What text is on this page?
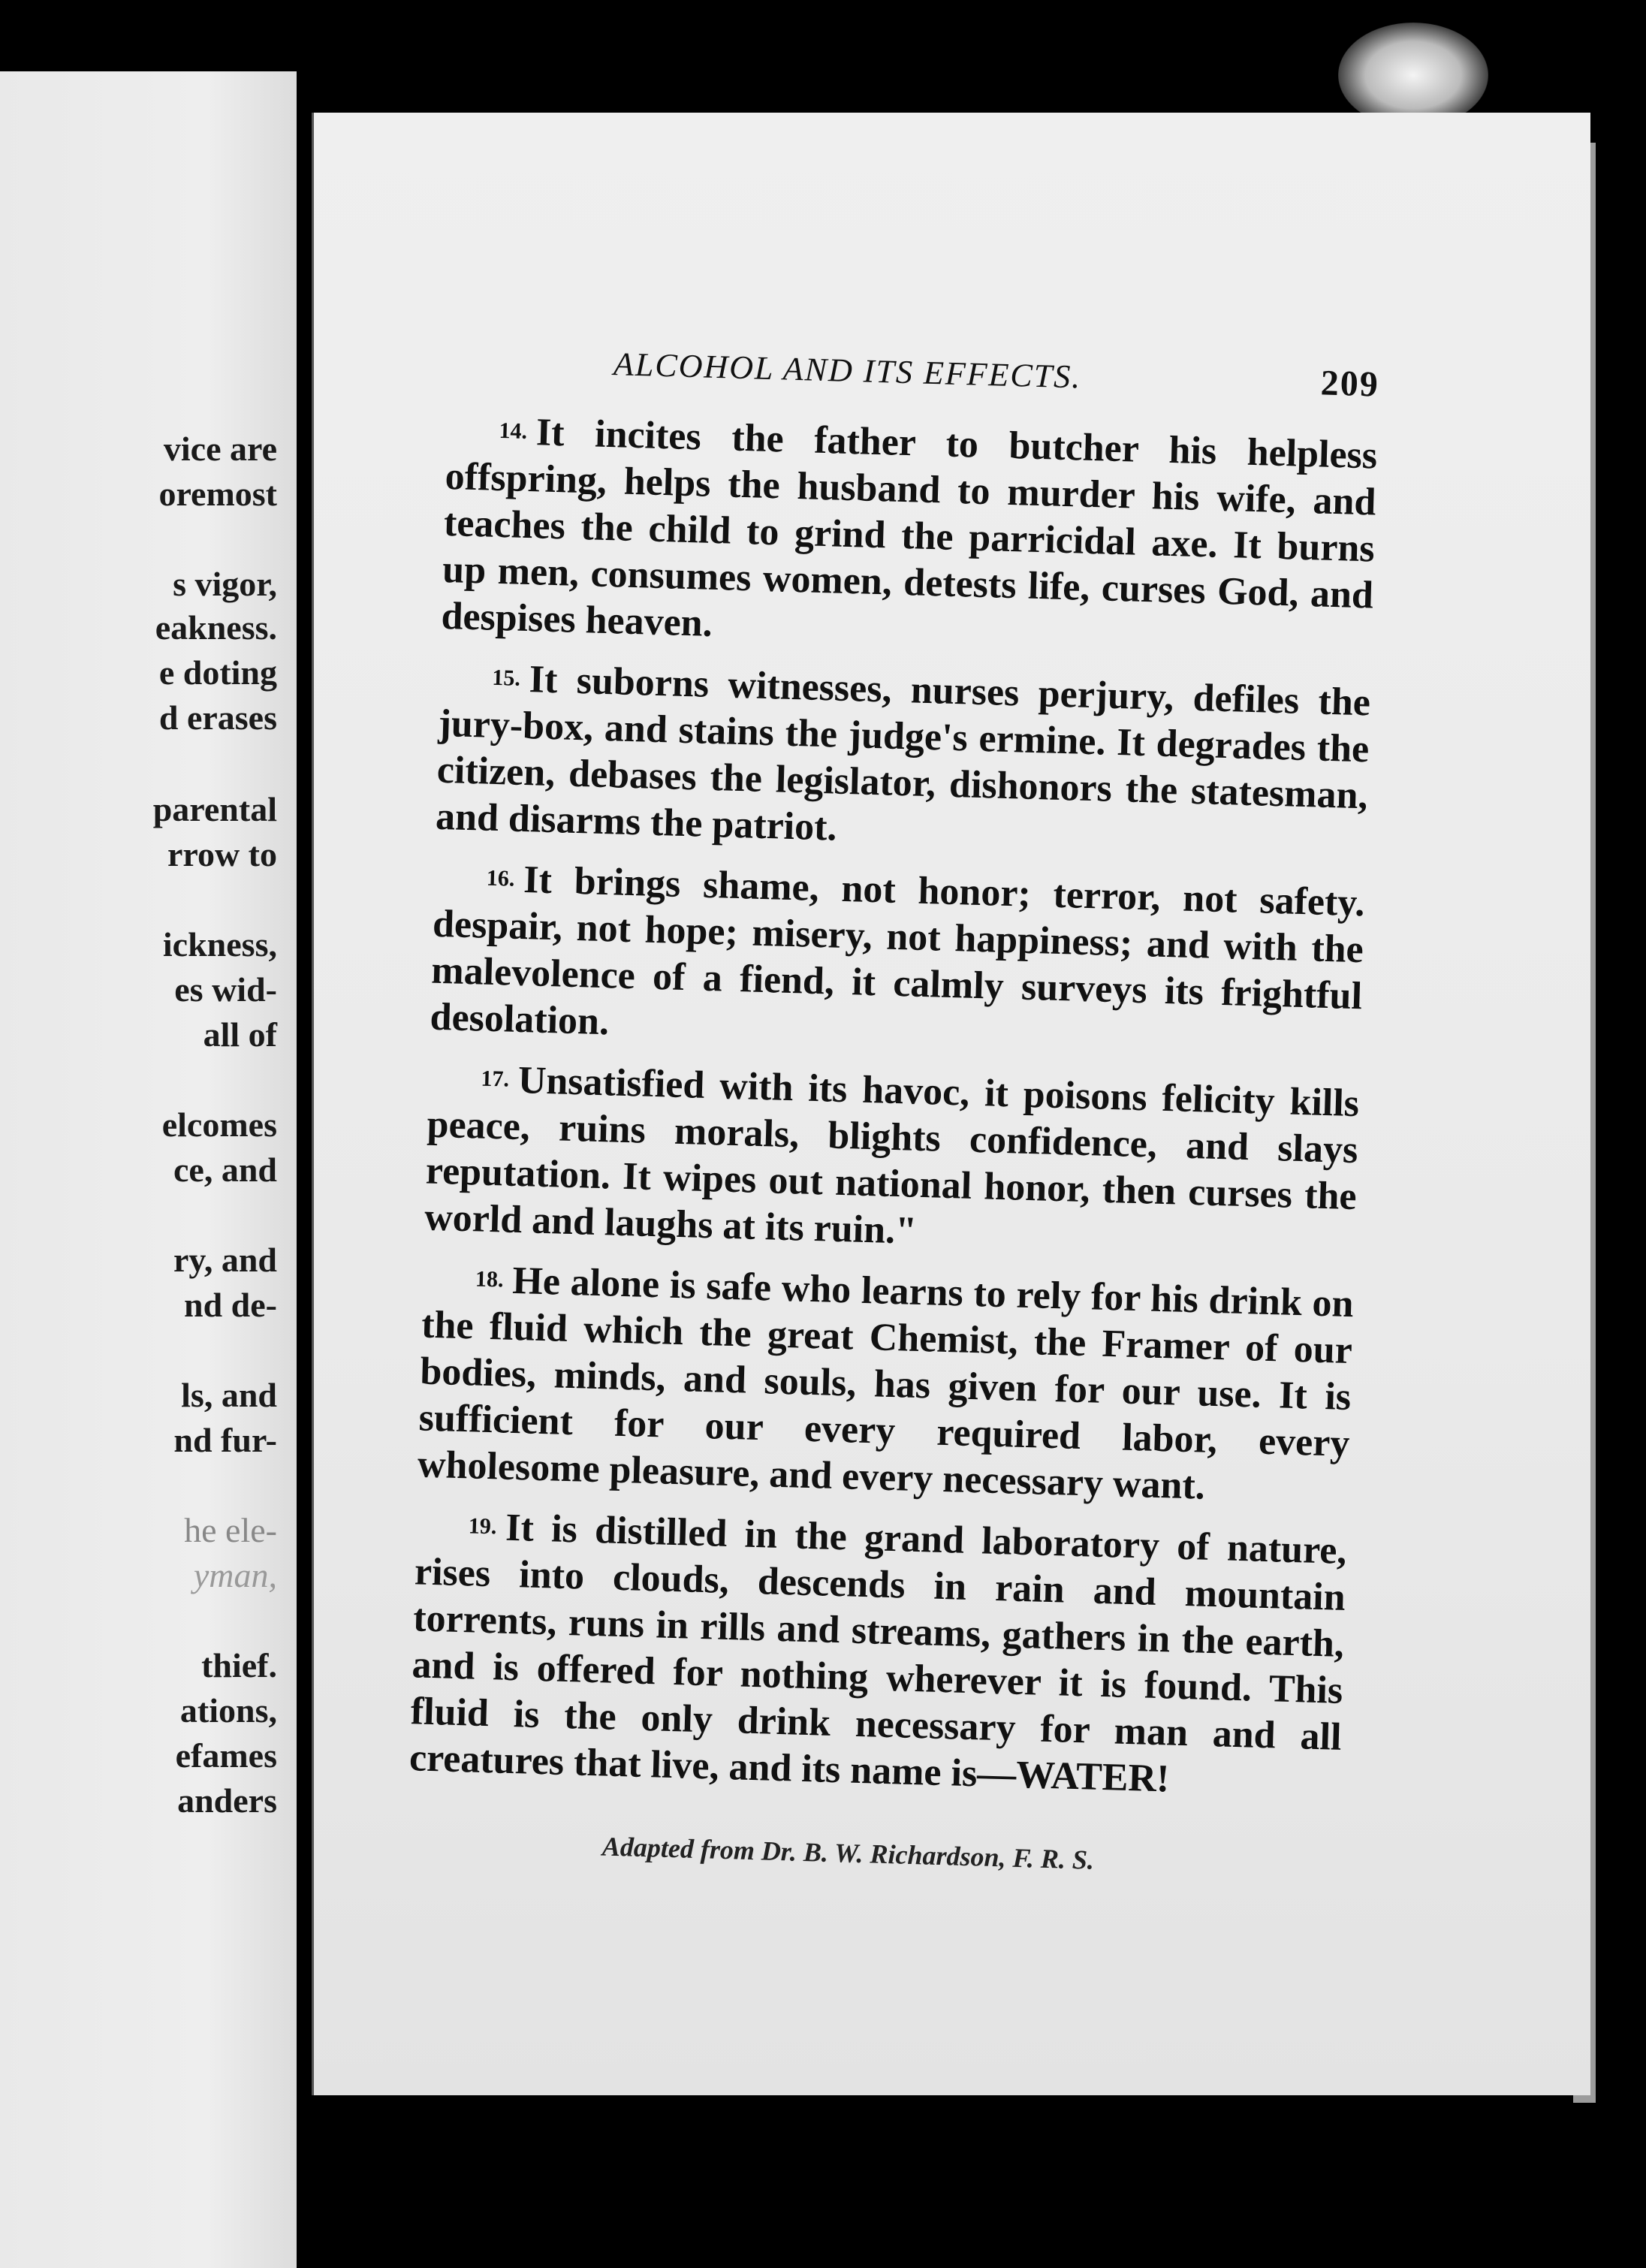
vice are
oremost
s vigor,
eakness.
e doting
d erases
parental
rrow to
ickness,
es wid-
all of
elcomes
ce, and
ry, and
nd de-
ls, and
nd fur-
he ele-
yman,
thief.
ations,
efames
anders
ALCOHOL AND ITS EFFECTS.	209

14. It incites the father to butcher his helpless offspring, helps the husband to murder his wife, and teaches the child to grind the parricidal axe. It burns up men, consumes women, detests life, curses God, and despises heaven.

15. It suborns witnesses, nurses perjury, defiles the jury-box, and stains the judge's ermine. It degrades the citizen, debases the legislator, dishonors the statesman, and disarms the patriot.

16. It brings shame, not honor; terror, not safety. despair, not hope; misery, not happiness; and with the malevolence of a fiend, it calmly surveys its frightful desolation.

17. Unsatisfied with its havoc, it poisons felicity kills peace, ruins morals, blights confidence, and slays reputation. It wipes out national honor, then curses the world and laughs at its ruin."

18. He alone is safe who learns to rely for his drink on the fluid which the great Chemist, the Framer of our bodies, minds, and souls, has given for our use. It is sufficient for our every required labor, every wholesome pleasure, and every necessary want.

19. It is distilled in the grand laboratory of nature, rises into clouds, descends in rain and mountain torrents, runs in rills and streams, gathers in the earth, and is offered for nothing wherever it is found. This fluid is the only drink necessary for man and all creatures that live, and its name is—WATER!

Adapted from Dr. B. W. Richardson, F. R. S.
